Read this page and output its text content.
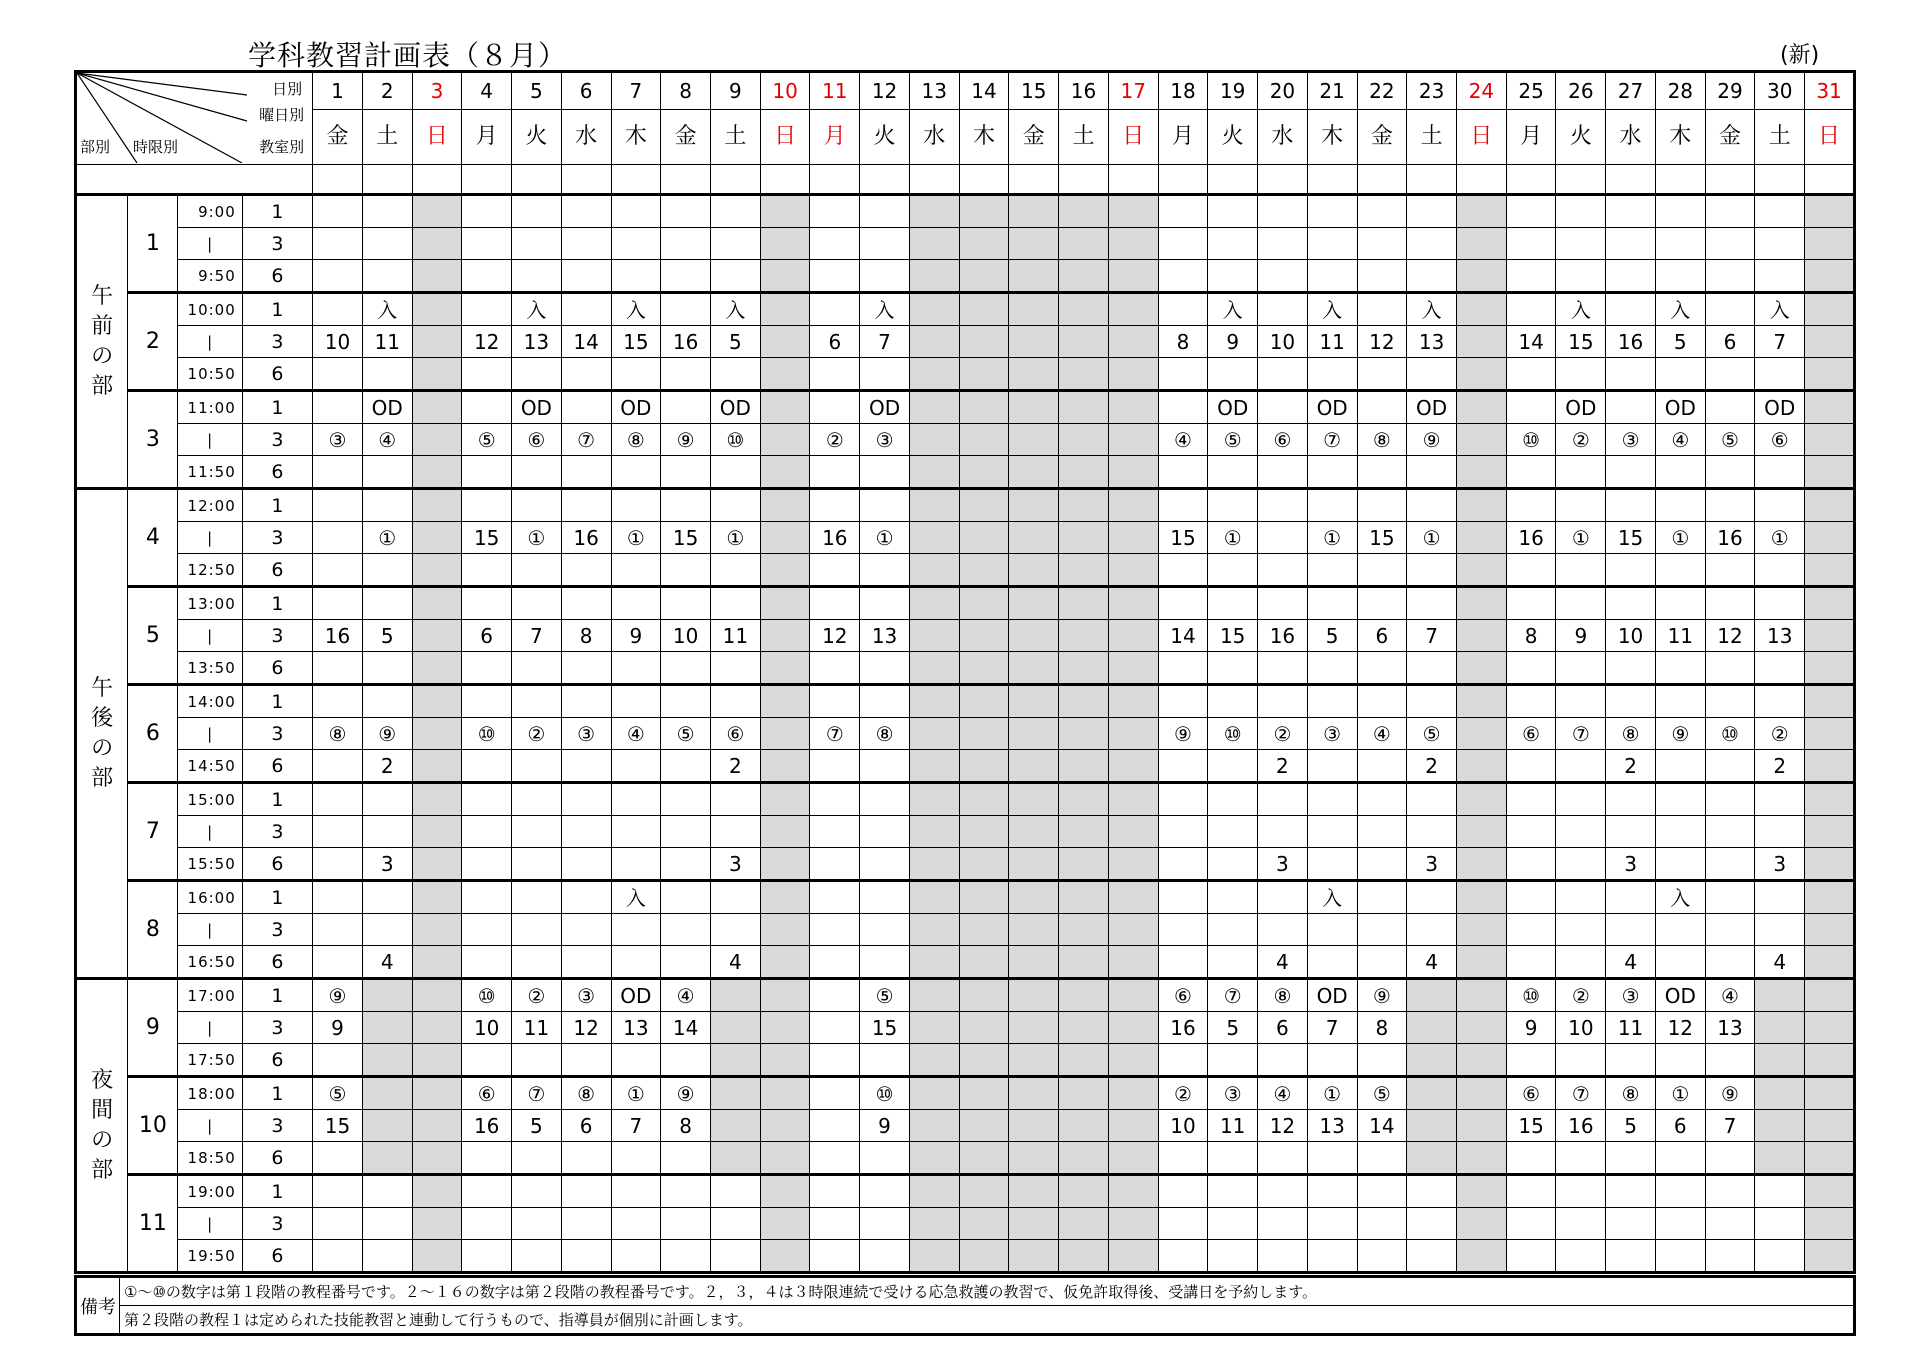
学科教習計画表（８月）	(新)
日別
曜日別
教室別
部別 時限別				1	2	3	4	5	6	7	8	9	10	11	12	13	14	15	16	17	18	19	20	21	22	23	24	25	26	27	28	29	30	31
				金	土	日	月	火	水	木	金	土	日	月	火	水	木	金	土	日	月	火	水	木	金	土	日	月	火	水	木	金	土	日

午前の部	1	9:00	1																															
		|	3																															
		9:50	6																															
	2	10:00	1		入			入		入		入			入							入		入		入			入		入		入	
		|	3	10	11		12	13	14	15	16	5		6	7						8	9	10	11	12	13		14	15	16	5	6	7	
		10:50	6																															
	3	11:00	1		OD			OD		OD		OD			OD							OD		OD		OD			OD		OD		OD	
		|	3	③	④		⑤	⑥	⑦	⑧	⑨	⑩		②	③						④	⑤	⑥	⑦	⑧	⑨		⑩	②	③	④	⑤	⑥	
		11:50	6																															
午後の部	4	12:00	1																															
		|	3		①		15	①	16	①	15	①		16	①						15	①		①	15	①		16	①	15	①	16	①	
		12:50	6																															
	5	13:00	1																															
		|	3	16	5		6	7	8	9	10	11		12	13						14	15	16	5	6	7		8	9	10	11	12	13	
		13:50	6																															
	6	14:00	1																															
		|	3	⑧	⑨		⑩	②	③	④	⑤	⑥		⑦	⑧						⑨	⑩	②	③	④	⑤		⑥	⑦	⑧	⑨	⑩	②	
		14:50	6		2							2											2			2				2			2	
	7	15:00	1																															
		|	3																															
		15:50	6		3							3											3			3				3			3	
	8	16:00	1							入														入							入			
		|	3																															
		16:50	6		4							4											4			4				4			4	
夜間の部	9	17:00	1	⑨			⑩	②	③	OD	④				⑤						⑥	⑦	⑧	OD	⑨			⑩	②	③	OD	④		
		|	3	9			10	11	12	13	14				15						16	5	6	7	8			9	10	11	12	13		
		17:50	6																															
	10	18:00	1	⑤			⑥	⑦	⑧	①	⑨				⑩						②	③	④	①	⑤			⑥	⑦	⑧	①	⑨		
		|	3	15			16	5	6	7	8				9						10	11	12	13	14			15	16	5	6	7		
		18:50	6																															
	11	19:00	1																															
		|	3																															
		19:50	6																															
備考	①～⑩の数字は第１段階の教程番号です。２～１６の数字は第２段階の教程番号です。２，３，４は３時限連続で受ける応急救護の教習で、仮免許取得後、受講日を予約します。
第２段階の教程１は定められた技能教習と連動して行うもので、指導員が個別に計画します。
